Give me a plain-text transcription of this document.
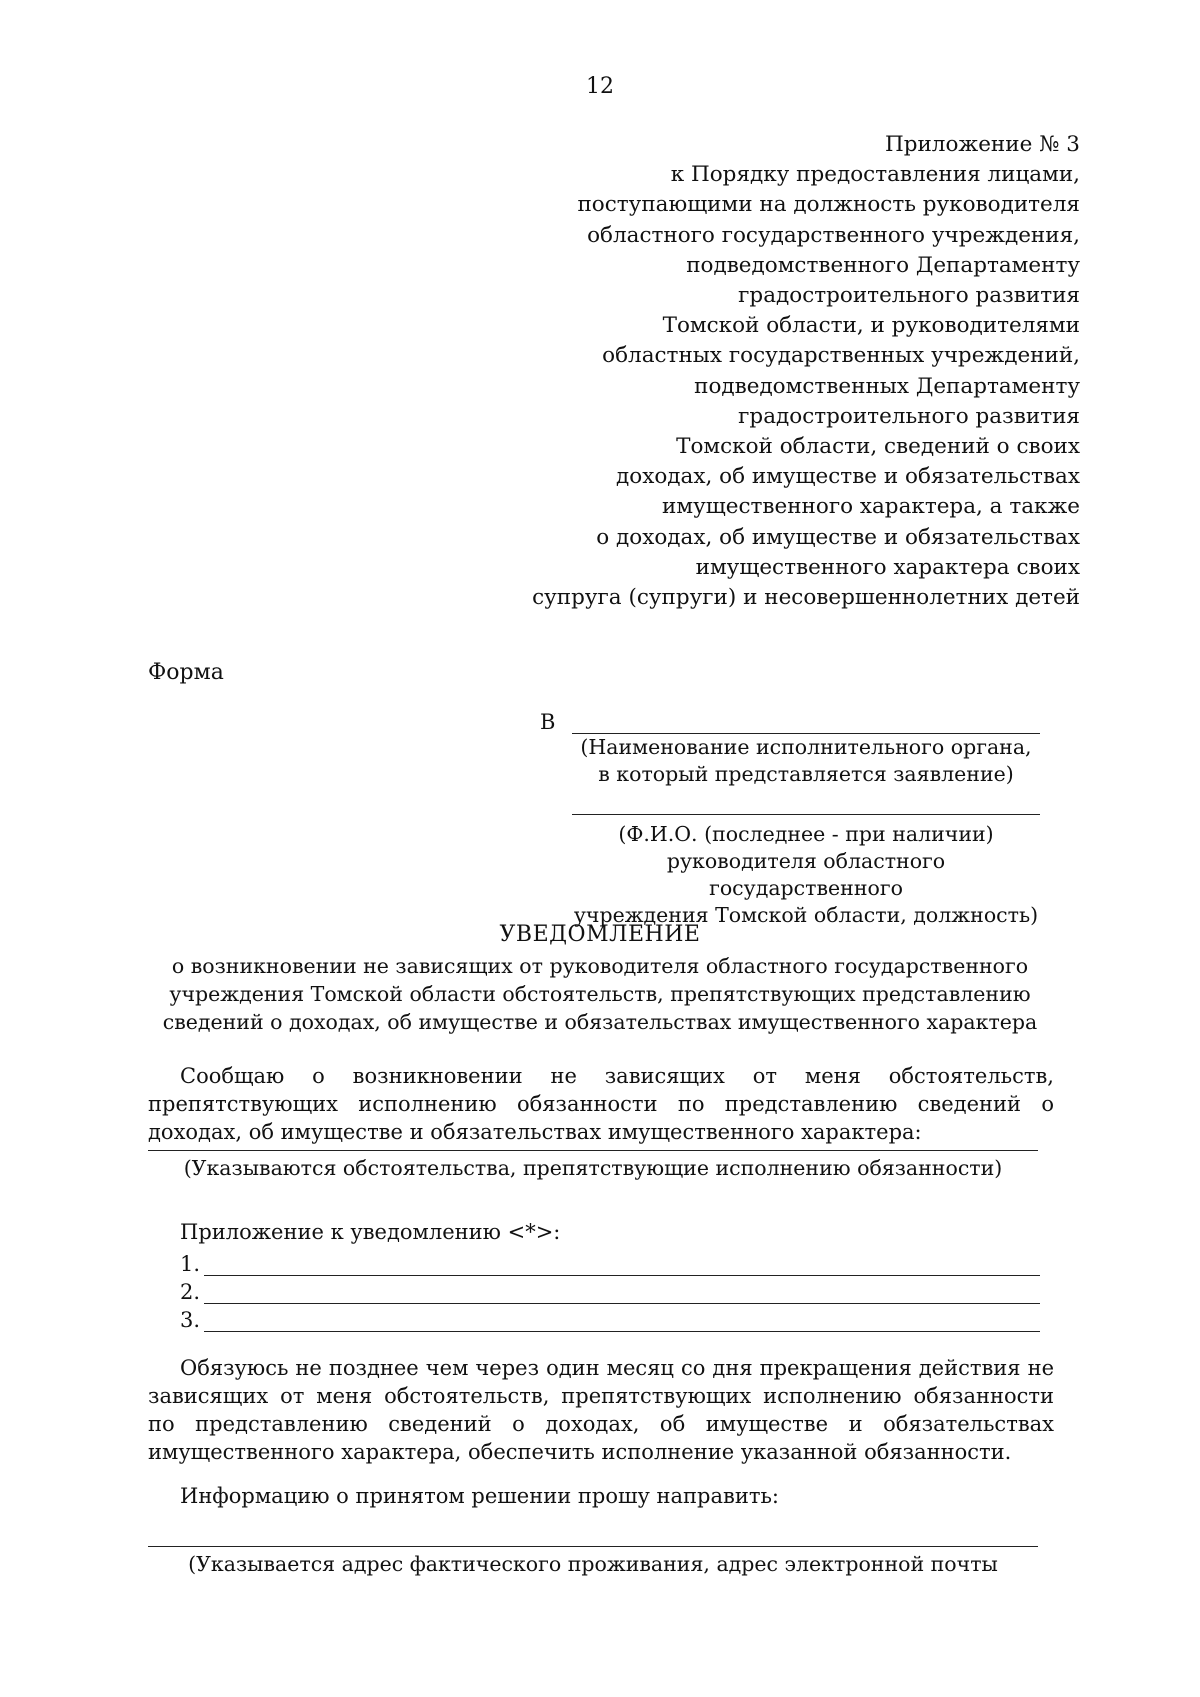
12
Приложение № 3
к Порядку предоставления лицами,
поступающими на должность руководителя
областного государственного учреждения,
подведомственного Департаменту
градостроительного развития
Томской области, и руководителями
областных государственных учреждений,
подведомственных Департаменту
градостроительного развития
Томской области, сведений о своих
доходах, об имуществе и обязательствах
имущественного характера, а также
о доходах, об имуществе и обязательствах
имущественного характера своих
супруга (супруги) и несовершеннолетних детей
Форма
В
(Наименование исполнительного органа,
в который представляется заявление)
(Ф.И.О. (последнее - при наличии)
руководителя областного государственного
учреждения Томской области, должность)
УВЕДОМЛЕНИЕ
о возникновении не зависящих от руководителя областного государственного
учреждения Томской области обстоятельств, препятствующих представлению
сведений о доходах, об имуществе и обязательствах имущественного характера
Сообщаю о возникновении не зависящих от меня обстоятельств, препятствующих исполнению обязанности по представлению сведений о доходах, об имуществе и обязательствах имущественного характера:
(Указываются обстоятельства, препятствующие исполнению обязанности)
Приложение к уведомлению <*>:
1.
2.
3.
Обязуюсь не позднее чем через один месяц со дня прекращения действия не зависящих от меня обстоятельств, препятствующих исполнению обязанности по представлению сведений о доходах, об имуществе и обязательствах имущественного характера, обеспечить исполнение указанной обязанности.
Информацию о принятом решении прошу направить:
(Указывается адрес фактического проживания, адрес электронной почты
